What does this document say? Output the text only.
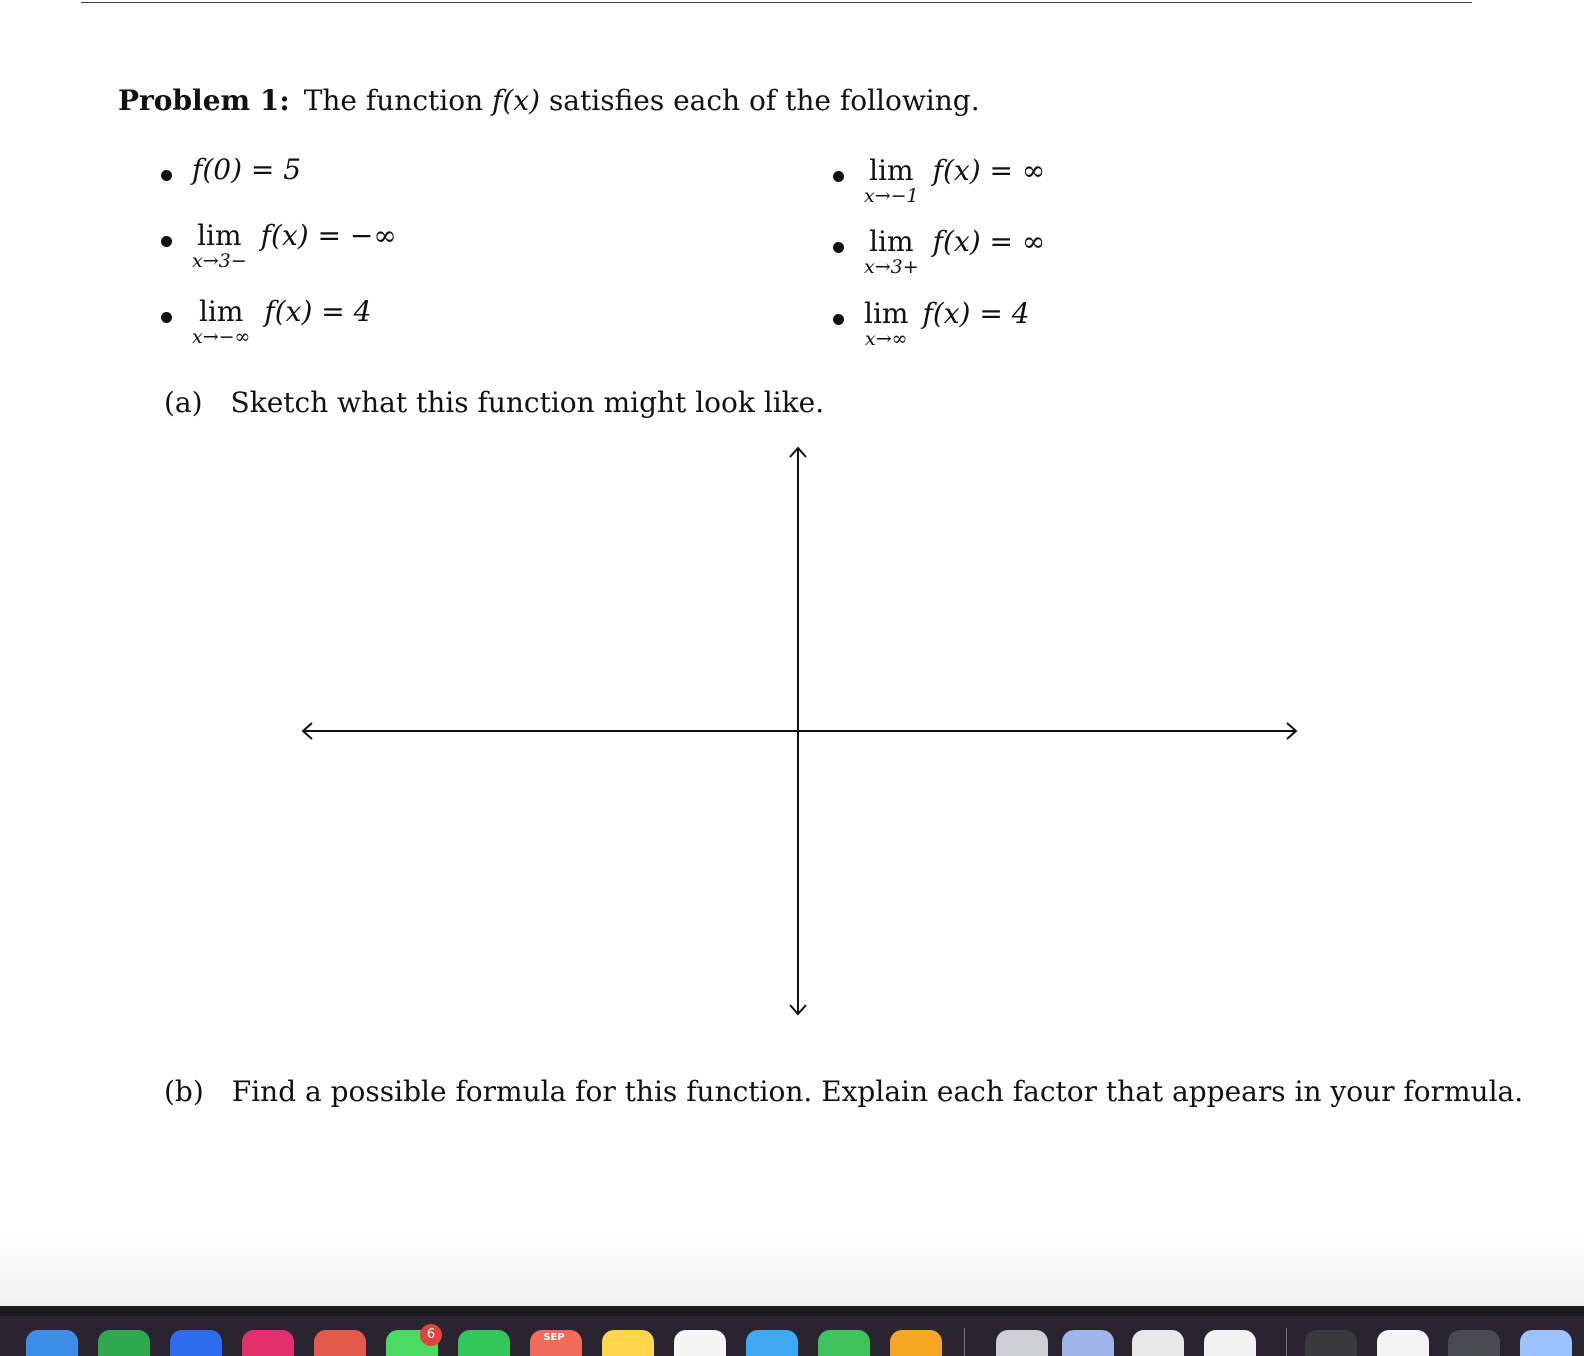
Problem 1: The function f(x) satisfies each of the following.
f(0) = 5
lim
x→3−
f(x) = −∞
lim
x→−∞
f(x) = 4
lim
x→−1
f(x) = ∞
lim
x→3+
f(x) = ∞
lim
x→∞
f(x) = 4
(a) Sketch what this function might look like.
(b) Find a possible formula for this function. Explain each factor that appears in your formula.
6	SEP
